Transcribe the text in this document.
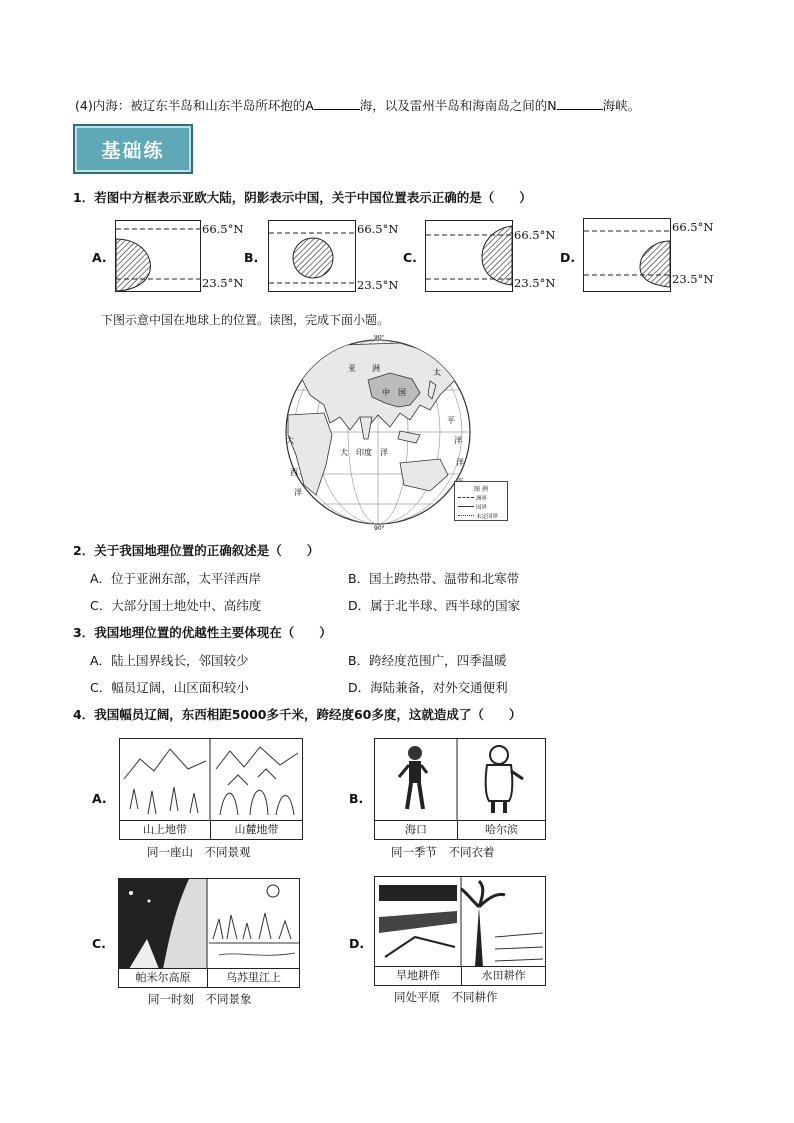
(4)内海：被辽东半岛和山东半岛所环抱的A	海，以及雷州半岛和海南岛之间的N	海峡。
基础练
1．若图中方框表示亚欧大陆，阴影表示中国，关于中国位置表示正确的是（　　）
A.
66.5°N
23.5°N
B.
66.5°N
23.5°N
C.
66.5°N
23.5°N
D.
66.5°N
23.5°N
下图示意中国在地球上的位置。读图，完成下面小题。
90°
90°
亚　　洲
中　国
太
平
洋
大
西
洋
大　印度　洋
洋
图 例
洲界
国界
未定国界
2．关于我国地理位置的正确叙述是（　　）
A．位于亚洲东部，太平洋西岸	B．国土跨热带、温带和北寒带
C．大部分国土地处中、高纬度	D．属于北半球、西半球的国家
3．我国地理位置的优越性主要体现在（　　）
A．陆上国界线长，邻国较少	B．跨经度范围广，四季温暖
C．幅员辽阔，山区面积较小	D．海陆兼备，对外交通便利
4．我国幅员辽阔，东西相距5000多千米，跨经度60多度，这就造成了（　　）
A.
山上地带	山麓地带
同一座山　不同景观
B.
海口	哈尔滨
同一季节　不同衣着
C.
帕米尔高原	乌苏里江上
同一时刻　不同景象
D.
旱地耕作	水田耕作
同处平原　不同耕作
